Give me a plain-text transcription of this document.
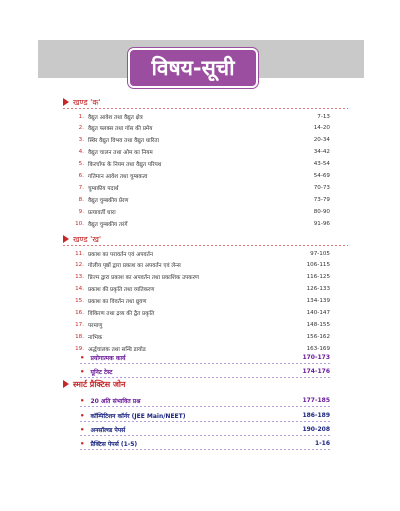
विषय-सूची
खण्ड 'क'
1. वैद्युत आवेश तथा वैद्युत क्षेत्र	7-13
2. वैद्युत फ्लक्स तथा गॉस की प्रमेय	14-20
3. स्थिर वैद्युत विभव तथा वैद्युत धारिता	20-34
4. वैद्युत चालन तथा ओम का नियम	34-42
5. किरचॉफ के नियम तथा वैद्युत परिपथ	43-54
6. गतिमान आवेश तथा चुम्बकत्व	54-69
7. चुम्बकीय पदार्थ	70-73
8. वैद्युत चुम्बकीय प्रेरण	73-79
9. प्रत्यावर्ती धारा	80-90
10. वैद्युत चुम्बकीय तरंगें	91-96
खण्ड 'ख'
11. प्रकाश का परावर्तन एवं अपवर्तन	97-105
12. गोलीय पृष्ठों द्वारा प्रकाश का अपवर्तन एवं लेन्स	106-115
13. प्रिज्म द्वारा प्रकाश का अपवर्तन तथा प्रकाशिक उपकरण	116-125
14. प्रकाश की प्रकृति तथा व्यतिकरण	126-133
15. प्रकाश का विवर्तन तथा ध्रुवण	134-139
16. विकिरण तथा द्रव्य की द्वैत प्रकृति	140-147
17. परमाणु	148-155
18. नाभिक	156-162
19. अर्द्धचालक तथा सन्धि डायोड	163-169
• प्रयोगात्मक कार्य	170-173
• यूनिट टेस्ट	174-176
स्मार्ट प्रैक्टिस जोन
• 20 अति संभावित प्रश्न	177-185
• कॉम्पिटिशन कॉर्नर (JEE Main/NEET)	186-189
• अनसॉल्व्ड पेपर्स	190-208
• प्रैक्टिस पेपर्स (1-5)	1-16
